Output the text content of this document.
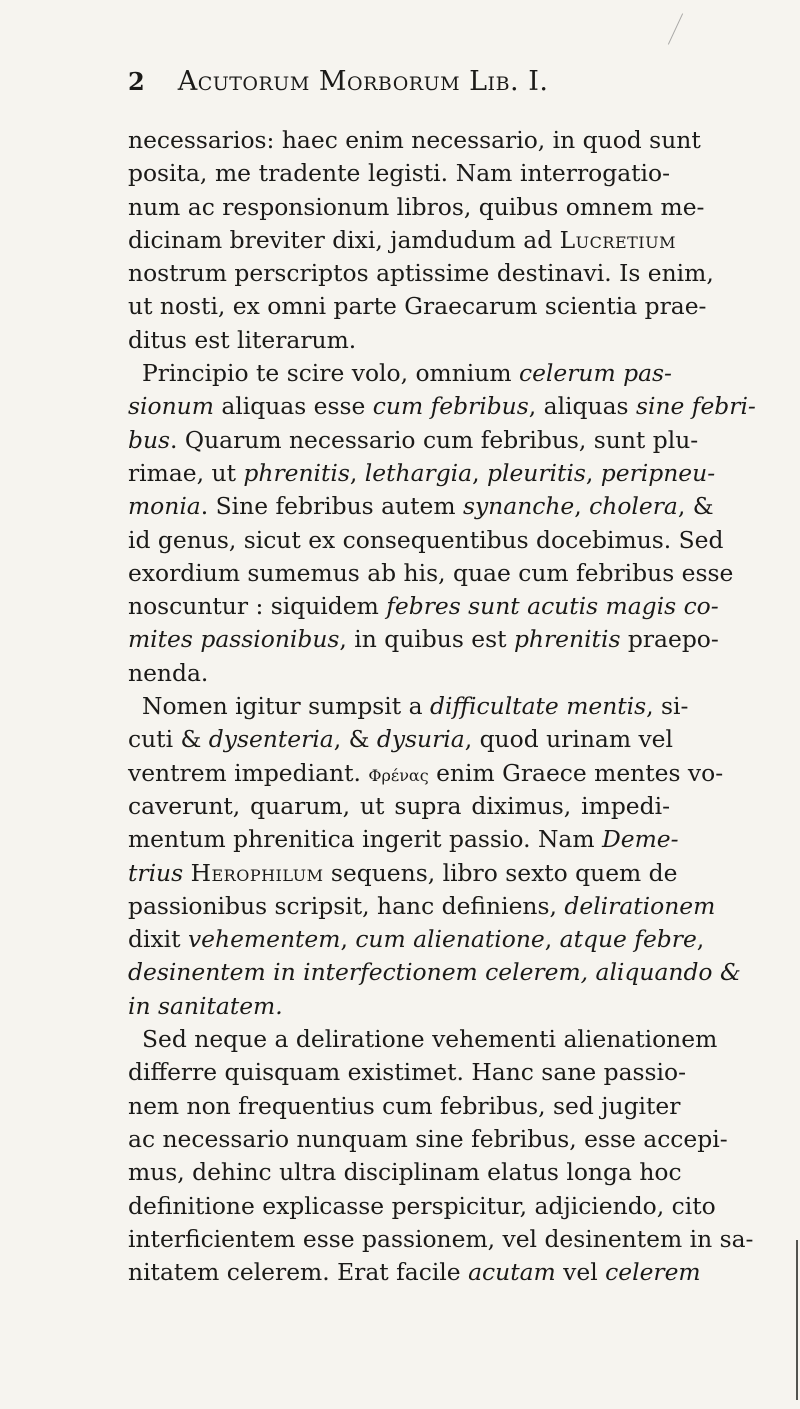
2 Acutorum Morborum Lib. I.
necessarios: haec enim necessario, in quod sunt
posita, me tradente legisti. Nam interrogatio-
num ac responsionum libros, quibus omnem me-
dicinam breviter dixi, jamdudum ad Lucretium
nostrum perscriptos aptissime destinavi. Is enim,
ut nosti, ex omni parte Graecarum scientia prae-
ditus est literarum.
Principio te scire volo, omnium celerum pas-
sionum aliquas esse cum febribus, aliquas sine febri-
bus. Quarum necessario cum febribus, sunt plu-
rimae, ut phrenitis, lethargia, pleuritis, peripneu-
monia. Sine febribus autem synanche, cholera, &
id genus, sicut ex consequentibus docebimus. Sed
exordium sumemus ab his, quae cum febribus esse
noscuntur : siquidem febres sunt acutis magis co-
mites passionibus, in quibus est phrenitis praepo-
nenda.
Nomen igitur sumpsit a difficultate mentis, si-
cuti & dysenteria, & dysuria, quod urinam vel
ventrem impediant. Φρένας enim Graece mentes vo-
caverunt, quarum, ut supra diximus, impedi-
mentum phrenitica ingerit passio. Nam Deme-
trius Herophilum sequens, libro sexto quem de
passionibus scripsit, hanc definiens, delirationem
dixit vehementem, cum alienatione, atque febre,
desinentem in interfectionem celerem, aliquando &
in sanitatem.
Sed neque a deliratione vehementi alienationem
differre quisquam existimet. Hanc sane passio-
nem non frequentius cum febribus, sed jugiter
ac necessario nunquam sine febribus, esse accepi-
mus, dehinc ultra disciplinam elatus longa hoc
definitione explicasse perspicitur, adjiciendo, cito
interficientem esse passionem, vel desinentem in sa-
nitatem celerem. Erat facile acutam vel celerem
